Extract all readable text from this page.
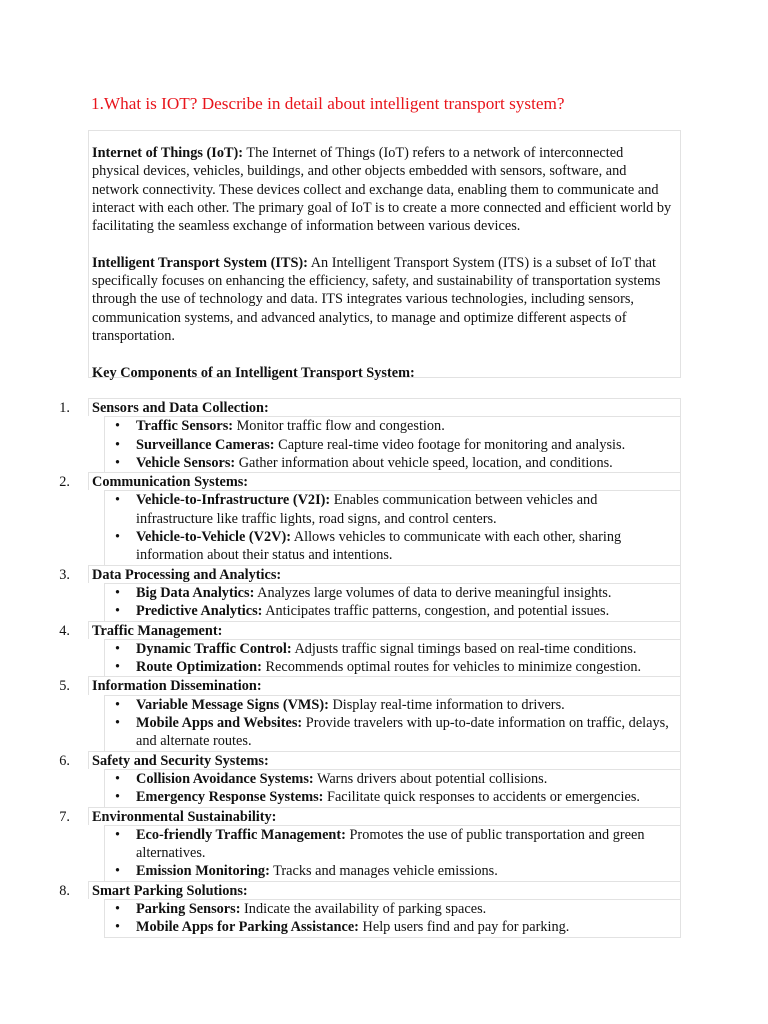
1.What is IOT? Describe in detail about intelligent transport system?

Internet of Things (IoT): The Internet of Things (IoT) refers to a network of interconnected physical devices, vehicles, buildings, and other objects embedded with sensors, software, and network connectivity. These devices collect and exchange data, enabling them to communicate and interact with each other. The primary goal of IoT is to create a more connected and efficient world by facilitating the seamless exchange of information between various devices.

Intelligent Transport System (ITS): An Intelligent Transport System (ITS) is a subset of IoT that specifically focuses on enhancing the efficiency, safety, and sustainability of transportation systems through the use of technology and data. ITS integrates various technologies, including sensors, communication systems, and advanced analytics, to manage and optimize different aspects of transportation.

Key Components of an Intelligent Transport System:

1. Sensors and Data Collection:
• Traffic Sensors: Monitor traffic flow and congestion.
• Surveillance Cameras: Capture real-time video footage for monitoring and analysis.
• Vehicle Sensors: Gather information about vehicle speed, location, and conditions.
2. Communication Systems:
• Vehicle-to-Infrastructure (V2I): Enables communication between vehicles and infrastructure like traffic lights, road signs, and control centers.
• Vehicle-to-Vehicle (V2V): Allows vehicles to communicate with each other, sharing information about their status and intentions.
3. Data Processing and Analytics:
• Big Data Analytics: Analyzes large volumes of data to derive meaningful insights.
• Predictive Analytics: Anticipates traffic patterns, congestion, and potential issues.
4. Traffic Management:
• Dynamic Traffic Control: Adjusts traffic signal timings based on real-time conditions.
• Route Optimization: Recommends optimal routes for vehicles to minimize congestion.
5. Information Dissemination:
• Variable Message Signs (VMS): Display real-time information to drivers.
• Mobile Apps and Websites: Provide travelers with up-to-date information on traffic, delays, and alternate routes.
6. Safety and Security Systems:
• Collision Avoidance Systems: Warns drivers about potential collisions.
• Emergency Response Systems: Facilitate quick responses to accidents or emergencies.
7. Environmental Sustainability:
• Eco-friendly Traffic Management: Promotes the use of public transportation and green alternatives.
• Emission Monitoring: Tracks and manages vehicle emissions.
8. Smart Parking Solutions:
• Parking Sensors: Indicate the availability of parking spaces.
• Mobile Apps for Parking Assistance: Help users find and pay for parking.
